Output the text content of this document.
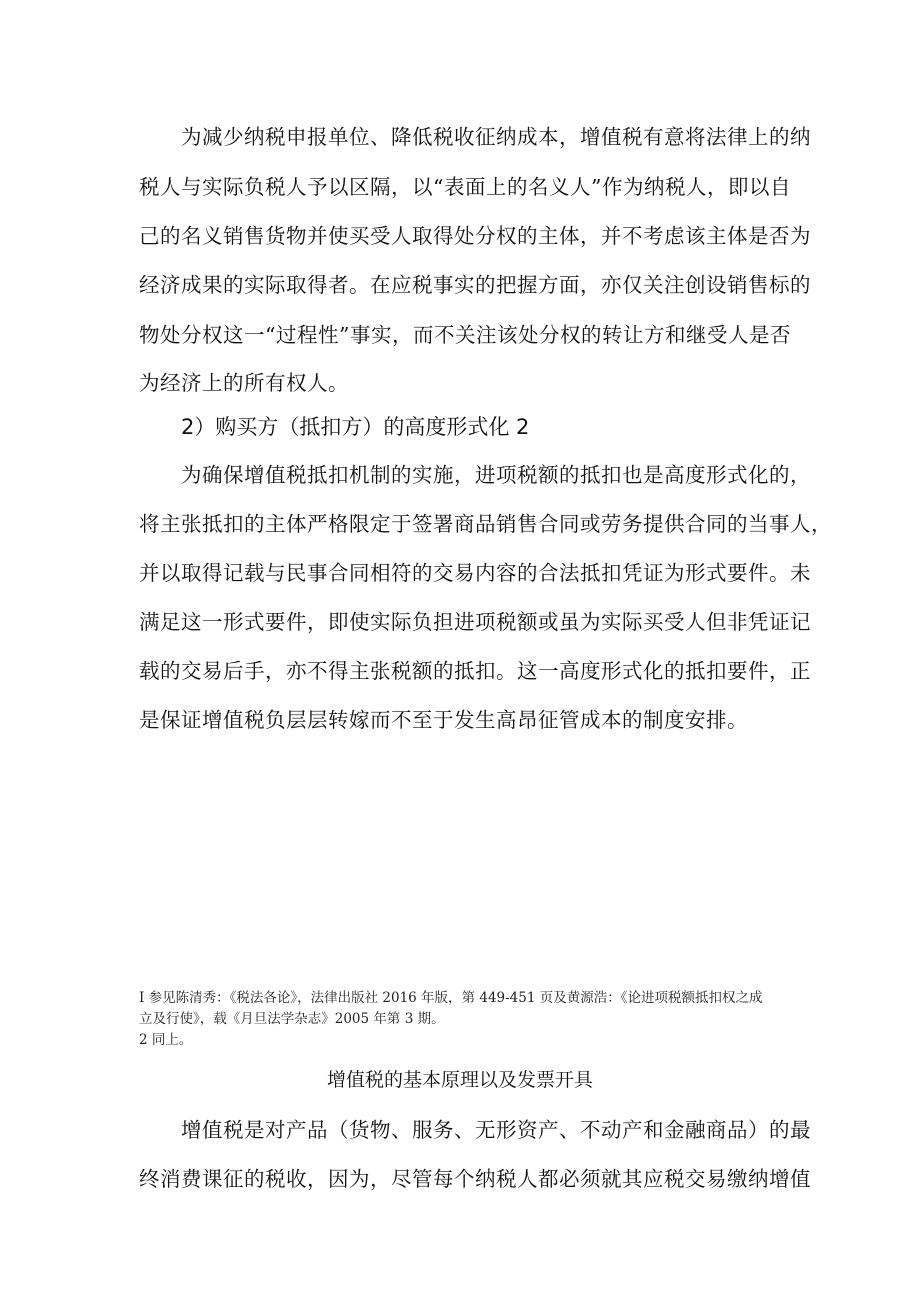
为减少纳税申报单位、降低税收征纳成本，增值税有意将法律上的纳
税人与实际负税人予以区隔，以“表面上的名义人”作为纳税人，即以自
己的名义销售货物并使买受人取得处分权的主体，并不考虑该主体是否为
经济成果的实际取得者。在应税事实的把握方面，亦仅关注创设销售标的
物处分权这一“过程性”事实，而不关注该处分权的转让方和继受人是否
为经济上的所有权人。
2）购买方（抵扣方）的高度形式化 2
为确保增值税抵扣机制的实施，进项税额的抵扣也是高度形式化的，
将主张抵扣的主体严格限定于签署商品销售合同或劳务提供合同的当事人，
并以取得记载与民事合同相符的交易内容的合法抵扣凭证为形式要件。未
满足这一形式要件，即使实际负担进项税额或虽为实际买受人但非凭证记
载的交易后手，亦不得主张税额的抵扣。这一高度形式化的抵扣要件，正
是保证增值税负层层转嫁而不至于发生高昂征管成本的制度安排。
I 参见陈清秀：《税法各论》，法律出版社 2016 年版，第 449-451 页及黄源浩：《论进项税额抵扣权之成
立及行使》，载《月旦法学杂志》2005 年第 3 期。
2 同上。
增值税的基本原理以及发票开具
增值税是对产品（货物、服务、无形资产、不动产和金融商品）的最
终消费课征的税收，因为，尽管每个纳税人都必须就其应税交易缴纳增值
